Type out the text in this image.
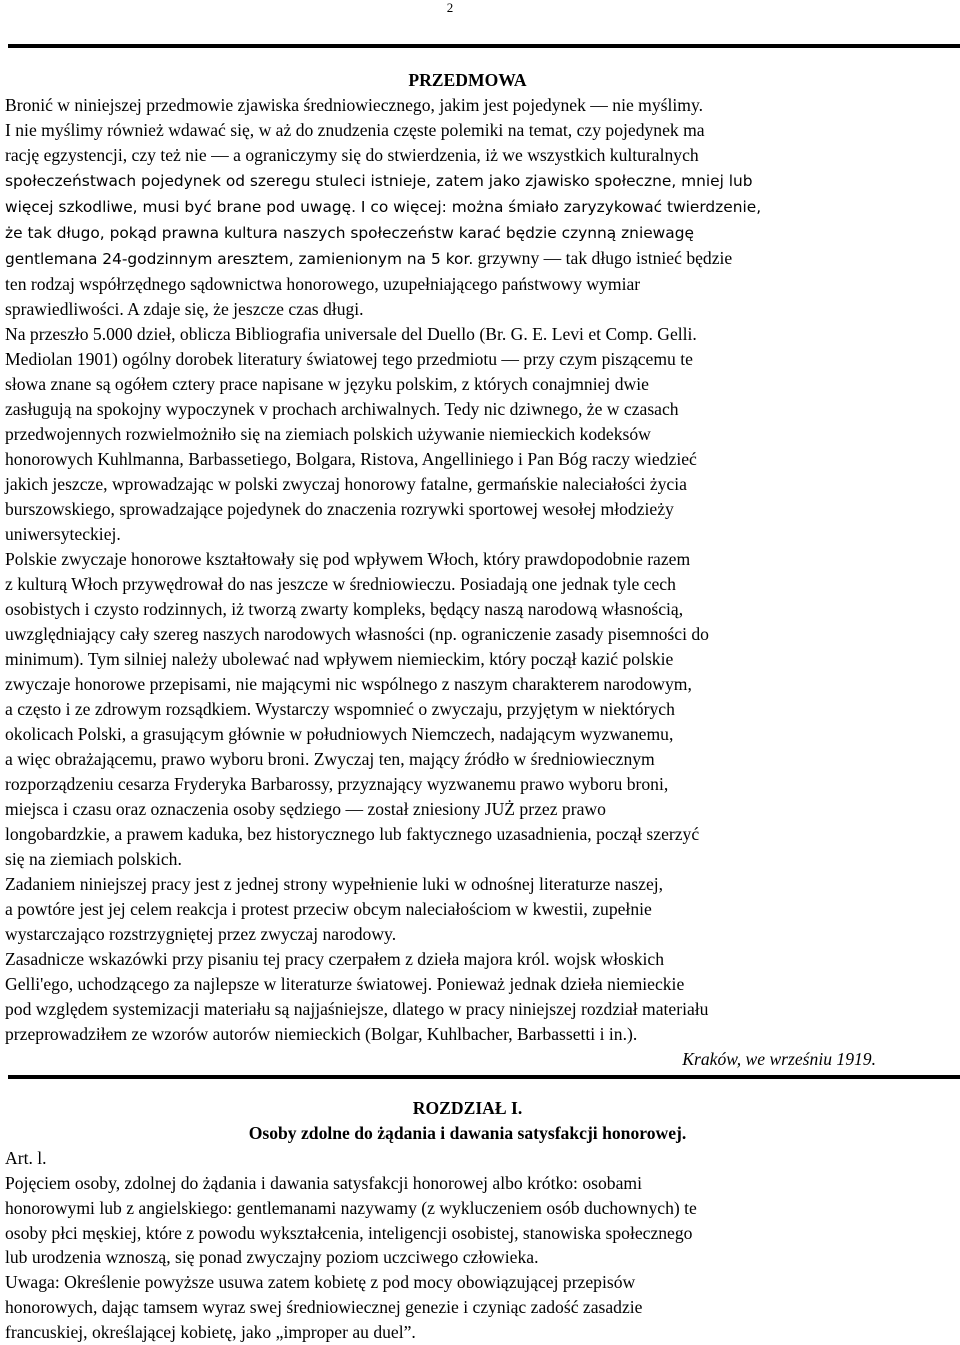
2
PRZEDMOWA

Bronić w niniejszej przedmowie zjawiska średniowiecznego, jakim jest pojedynek — nie myślimy.
I nie myślimy również wdawać się, w aż do znudzenia częste polemiki na temat, czy pojedynek ma
rację egzystencji, czy też nie — a ograniczymy się do stwierdzenia, iż we wszystkich kulturalnych
społeczeństwach pojedynek od szeregu stuleci istnieje, zatem jako zjawisko społeczne, mniej lub
więcej szkodliwe, musi być brane pod uwagę. I co więcej: można śmiało zaryzykować twierdzenie,
że tak długo, pokąd prawna kultura naszych społeczeństw karać będzie czynną zniewagę
gentlemana 24-godzinnym aresztem, zamienionym na 5 kor. grzywny — tak długo istnieć będzie
ten rodzaj współrzędnego sądownictwa honorowego, uzupełniającego państwowy wymiar
sprawiedliwości. A zdaje się, że jeszcze czas długi.

Na przeszło 5.000 dzieł, oblicza Bibliografia universale del Duello (Br. G. E. Levi et Comp. Gelli.
Mediolan 1901) ogólny dorobek literatury światowej tego przedmiotu — przy czym piszącemu te
słowa znane są ogółem cztery prace napisane w języku polskim, z których conajmniej dwie
zasługują na spokojny wypoczynek v prochach archiwalnych. Tedy nic dziwnego, że w czasach
przedwojennych rozwielmożniło się na ziemiach polskich używanie niemieckich kodeksów
honorowych Kuhlmanna, Barbassetiego, Bolgara, Ristova, Angelliniego i Pan Bóg raczy wiedzieć
jakich jeszcze, wprowadzając w polski zwyczaj honorowy fatalne, germańskie naleciałości życia
burszowskiego, sprowadzające pojedynek do znaczenia rozrywki sportowej wesołej młodzieży
uniwersyteckiej.

Polskie zwyczaje honorowe kształtowały się pod wpływem Włoch, który prawdopodobnie razem
z kulturą Włoch przywędrował do nas jeszcze w średniowieczu. Posiadają one jednak tyle cech
osobistych i czysto rodzinnych, iż tworzą zwarty kompleks, będący naszą narodową własnością,
uwzględniający cały szereg naszych narodowych własności (np. ograniczenie zasady pisemności do
minimum). Tym silniej należy ubolewać nad wpływem niemieckim, który począł kazić polskie
zwyczaje honorowe przepisami, nie mającymi nic wspólnego z naszym charakterem narodowym,
a często i ze zdrowym rozsądkiem. Wystarczy wspomnieć o zwyczaju, przyjętym w niektórych
okolicach Polski, a grasującym głównie w południowych Niemczech, nadającym wyzwanemu,
a więc obrażającemu, prawo wyboru broni. Zwyczaj ten, mający źródło w średniowiecznym
rozporządzeniu cesarza Fryderyka Barbarossy, przyznający wyzwanemu prawo wyboru broni,
miejsca i czasu oraz oznaczenia osoby sędziego — został zniesiony JUŻ przez prawo
longobardzkie, a prawem kaduka, bez historycznego lub faktycznego uzasadnienia, począł szerzyć
się na ziemiach polskich.

Zadaniem niniejszej pracy jest z jednej strony wypełnienie luki w odnośnej literaturze naszej,
a powtóre jest jej celem reakcja i protest przeciw obcym naleciałościom w kwestii, zupełnie
wystarczająco rozstrzygniętej przez zwyczaj narodowy.

Zasadnicze wskazówki przy pisaniu tej pracy czerpałem z dzieła majora król. wojsk włoskich
Gelli'ego, uchodzącego za najlepsze w literaturze światowej. Ponieważ jednak dzieła niemieckie
pod względem systemizacji materiału są najjaśniejsze, dlatego w pracy niniejszej rozdział materiału
przeprowadziłem ze wzorów autorów niemieckich (Bolgar, Kuhlbacher, Barbassetti i in.).

Kraków, we wrześniu 1919.

ROZDZIAŁ I.
Osoby zdolne do żądania i dawania satysfakcji honorowej.
Art. l.

Pojęciem osoby, zdolnej do żądania i dawania satysfakcji honorowej albo krótko: osobami
honorowymi lub z angielskiego: gentlemanami nazywamy (z wykluczeniem osób duchownych) te
osoby płci męskiej, które z powodu wykształcenia, inteligencji osobistej, stanowiska społecznego
lub urodzenia wznoszą, się ponad zwyczajny poziom uczciwego człowieka.

Uwaga: Określenie powyższe usuwa zatem kobietę z pod mocy obowiązującej przepisów
honorowych, dając tamsem wyraz swej średniowiecznej genezie i czyniąc zadość zasadzie
francuskiej, określającej kobietę, jako „improper au duel”.
